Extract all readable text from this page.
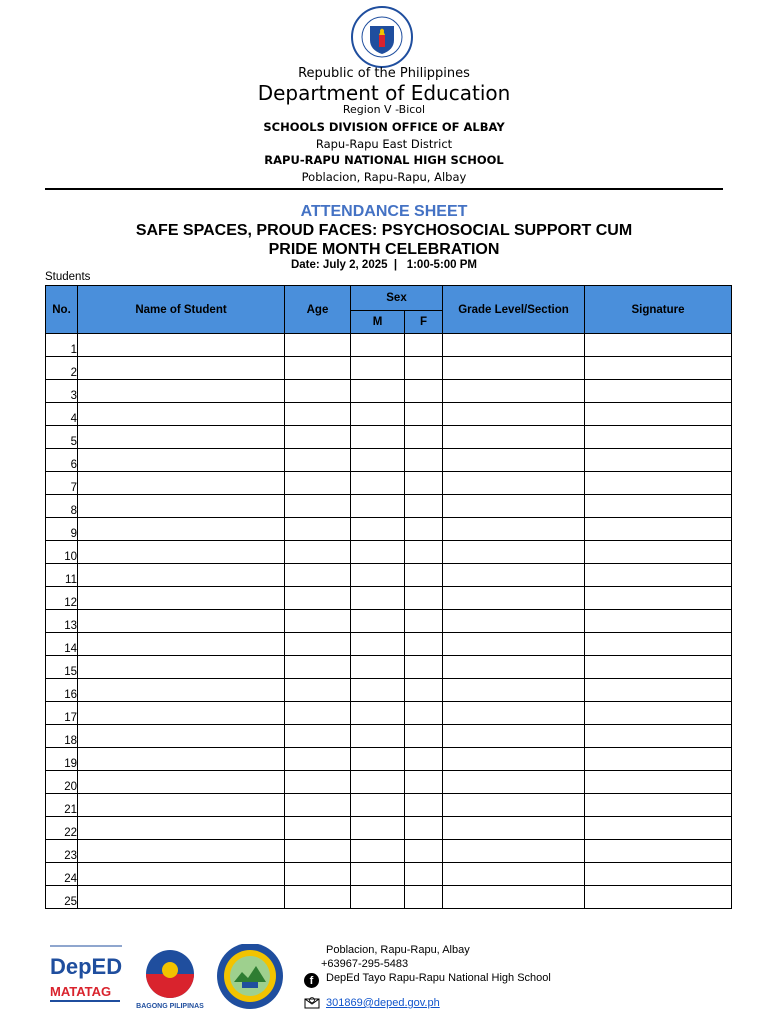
Republic of the Philippines
Department of Education
Region V -Bicol
SCHOOLS DIVISION OFFICE OF ALBAY
Rapu-Rapu East District
RAPU-RAPU NATIONAL HIGH SCHOOL
Poblacion, Rapu-Rapu, Albay
ATTENDANCE SHEET
SAFE SPACES, PROUD FACES: PSYCHOSOCIAL SUPPORT CUM
PRIDE MONTH CELEBRATION
Date: July 2, 2025  |   1:00-5:00 PM
Students
No.	Name of Student	Age	Sex		Grade Level/Section	Signature
			M	F		
1						
2						
3						
4						
5						
6						
7						
8						
9						
10						
11						
12						
13						
14						
15						
16						
17						
18						
19						
20						
21						
22						
23						
24						
25						
DepED
MATATAG
BAGONG PILIPINAS
Poblacion, Rapu-Rapu, Albay
+63967-295-5483
f	DepEd Tayo Rapu-Rapu National High School
301869@deped.gov.ph
